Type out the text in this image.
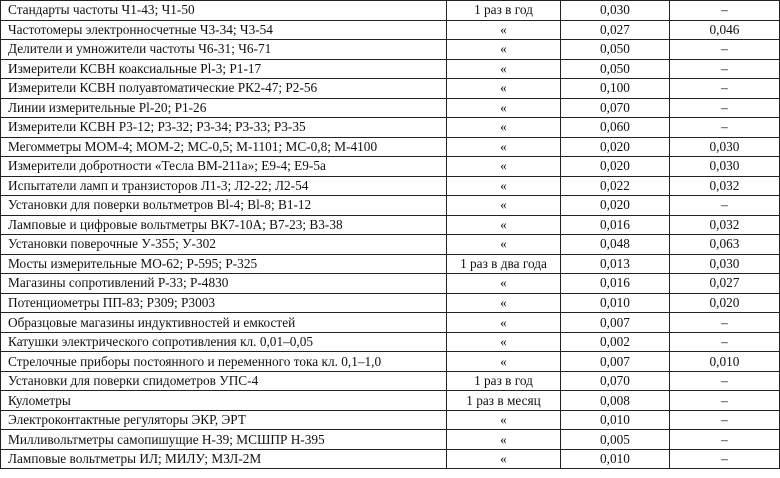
Стандарты частоты Ч1-43; Ч1-50	1 раз в год	0,030	–
Частотомеры электронносчетные Ч3-34; Ч3-54	«	0,027	0,046
Делители и умножители частоты Ч6-31; Ч6-71	«	0,050	–
Измерители КСВН коаксиальные Pl-3; P1-17	«	0,050	–
Измерители КСВН полуавтоматические РК2-47; Р2-56	«	0,100	–
Линии измерительные Pl-20; P1-26	«	0,070	–
Измерители КСВН Р3-12; Р3-32; Р3-34; Р3-33; Р3-35	«	0,060	–
Мегомметры МОМ-4; МОМ-2; МС-0,5; М-1101; МС-0,8; М-4100	«	0,020	0,030
Измерители добротности «Тесла ВМ-211а»; Е9-4; Е9-5а	«	0,020	0,030
Испытатели ламп и транзисторов Л1-3; Л2-22; Л2-54	«	0,022	0,032
Установки для поверки вольтметров Bl-4; Bl-8; В1-12	«	0,020	–
Ламповые и цифровые вольтметры ВК7-10А; В7-23; В3-38	«	0,016	0,032
Установки поверочные У-355; У-302	«	0,048	0,063
Мосты измерительные МО-62; Р-595; Р-325	1 раз в два года	0,013	0,030
Магазины сопротивлений Р-33; Р-4830	«	0,016	0,027
Потенциометры ПП-83; Р309; Р3003	«	0,010	0,020
Образцовые магазины индуктивностей и емкостей	«	0,007	–
Катушки электрического сопротивления кл. 0,01–0,05	«	0,002	–
Стрелочные приборы постоянного и переменного тока кл. 0,1–1,0	«	0,007	0,010
Установки для поверки спидометров УПС-4	1 раз в год	0,070	–
Кулометры	1 раз в месяц	0,008	–
Электроконтактные регуляторы ЭКР, ЭРТ	«	0,010	–
Милливольтметры самопишущие Н-39; МСШПР Н-395	«	0,005	–
Ламповые вольтметры ИЛ; МИЛУ; МЗЛ-2М	«	0,010	–
